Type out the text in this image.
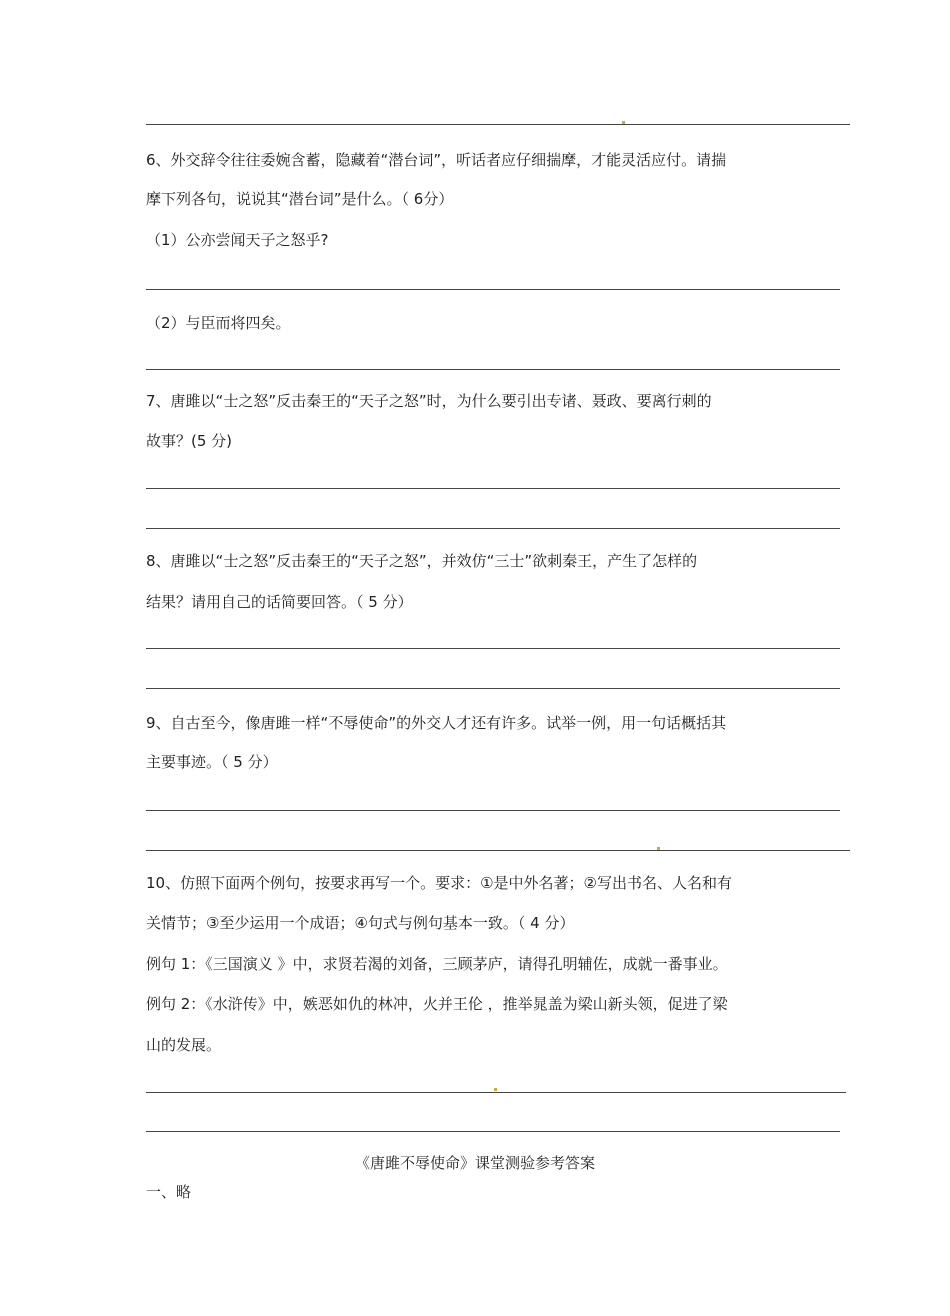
6、外交辞令往往委婉含蓄，隐藏着“潜台词”，听话者应仔细揣摩，才能灵活应付。请揣
摩下列各句，说说其“潜台词”是什么。（ 6分）
（1）公亦尝闻天子之怒乎?
（2）与臣而将四矣。
7、唐雎以“士之怒”反击秦王的“天子之怒”时，为什么要引出专诸、聂政、要离行刺的
故事？(5 分)
8、唐雎以“士之怒”反击秦王的“天子之怒”，并效仿“三士”欲刺秦王，产生了怎样的
结果？请用自己的话简要回答。（ 5 分）
9、自古至今，像唐雎一样“不辱使命”的外交人才还有许多。试举一例，用一句话概括其
主要事迹。（ 5 分）
10、仿照下面两个例句，按要求再写一个。要求：①是中外名著；②写出书名、人名和有
关情节；③至少运用一个成语；④句式与例句基本一致。（ 4 分）
例句 1：《三国演义 》中，求贤若渴的刘备，三顾茅庐，请得孔明辅佐，成就一番事业。
例句 2：《水浒传》中，嫉恶如仇的林冲，火并王伦 ，推举晁盖为梁山新头领，促进了梁
山的发展。
《唐雎不辱使命》课堂测验参考答案
一、略
